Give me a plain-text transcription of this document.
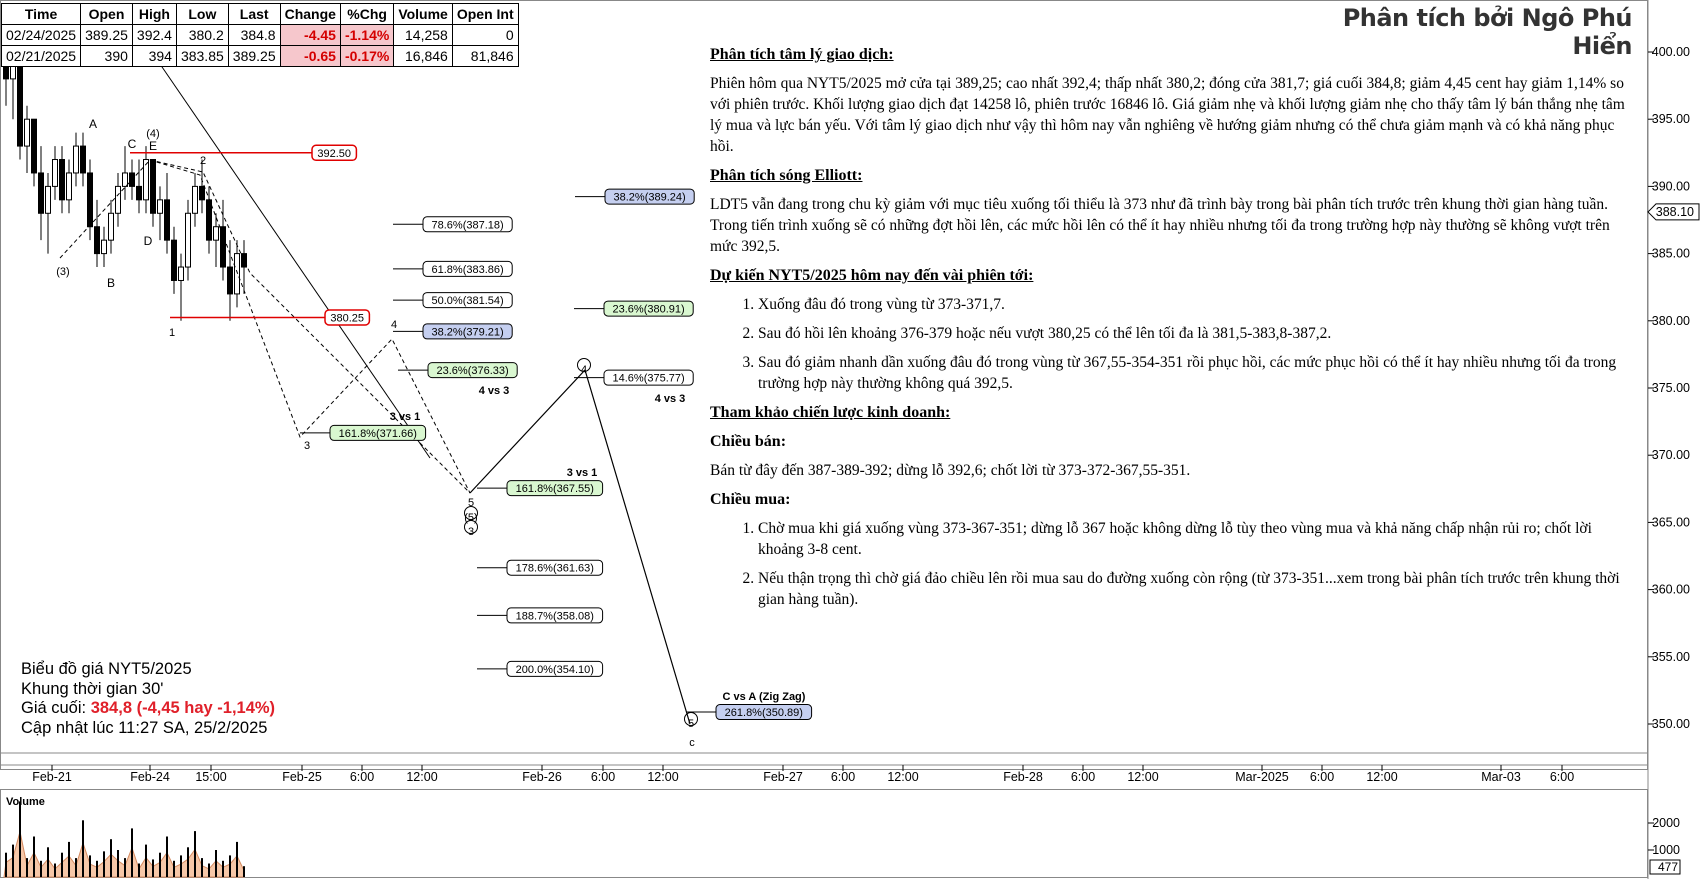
400.00
395.00
390.00
385.00
380.00
375.00
370.00
365.00
360.00
355.00
350.00
388.10
Feb-21	Feb-24 15:00	Feb-25 6:00	12:00	Feb-26 6:00	12:00	Feb-27 6:00	12:00	Feb-28 6:00	12:00	Mar-2025 6:00	12:00	Mar-03 6:00
Volume
2000
1000
477
392.50
380.25
78.6%(387.18)
61.8%(383.86)
50.0%(381.54)
38.2%(379.21)
23.6%(376.33)
161.8%(371.66)
161.8%(367.55)
178.6%(361.63)
188.7%(358.08)
200.0%(354.10)
38.2%(389.24)
23.6%(380.91)
14.6%(375.77)
261.8%(350.89)
A
B
C
D
E
(4)
(3)
1
2
3
4
5
(5)
3
4
5
c
3 vs 1
3 vs 1
4 vs 3
4 vs 3
C vs A (Zig Zag)
Time	Open	High	Low	Last	Change	%Chg	Volume	Open Int
02/24/2025	389.25	392.4	380.2	384.8	-4.45	-1.14%	14,258	0
02/21/2025	390	394	383.85	389.25	-0.65	-0.17%	16,846	81,846
Phân tích bởi Ngô Phú Hiển
Phân tích tâm lý giao dịch:

Phiên hôm qua NYT5/2025 mở cửa tại 389,25; cao nhất 392,4; thấp nhất 380,2; đóng cửa 381,7; giá cuối 384,8; giảm 4,45 cent hay giảm 1,14% so với phiên trước. Khối lượng giao dịch đạt 14258 lô, phiên trước 16846 lô. Giá giảm nhẹ và khối lượng giảm nhẹ cho thấy tâm lý bán thắng nhẹ tâm lý mua và lực bán yếu. Với tâm lý giao dịch như vậy thì hôm nay vẫn nghiêng về hướng giảm nhưng có thể chưa giảm mạnh và có khả năng phục hồi.

Phân tích sóng Elliott:

LDT5 vẫn đang trong chu kỳ giảm với mục tiêu xuống tối thiểu là 373 như đã trình bày trong bài phân tích trước trên khung thời gian hàng tuần. Trong tiến trình xuống sẽ có những đợt hồi lên, các mức hồi lên có thể ít hay nhiều nhưng tối đa trong trường hợp này thường sẽ không vượt trên mức 392,5.

Dự kiến NYT5/2025 hôm nay đến vài phiên tới:
1. Xuống đâu đó trong vùng từ 373-371,7.
2. Sau đó hồi lên khoảng 376-379 hoặc nếu vượt 380,25 có thể lên tối đa là 381,5-383,8-387,2.
3. Sau đó giảm nhanh dần xuống đâu đó trong vùng từ 367,55-354-351 rồi phục hồi, các mức phục hồi có thể ít hay nhiều nhưng tối đa trong trường hợp này thường không quá 392,5.
Tham khảo chiến lược kinh doanh:
Chiều bán:

Bán từ đây đến 387-389-392; dừng lỗ 392,6; chốt lời từ 373-372-367,55-351.

Chiều mua:
1. Chờ mua khi giá xuống vùng 373-367-351; dừng lỗ 367 hoặc không dừng lỗ tùy theo vùng mua và khả năng chấp nhận rủi ro; chốt lời khoảng 3-8 cent.
2. Nếu thận trọng thì chờ giá đảo chiều lên rồi mua sau do đường xuống còn rộng (từ 373-351...xem trong bài phân tích trước trên khung thời gian hàng tuần).
Biểu đồ giá NYT5/2025
Khung thời gian 30'
Giá cuối: 384,8 (-4,45 hay -1,14%)
Cập nhật lúc 11:27 SA, 25/2/2025
